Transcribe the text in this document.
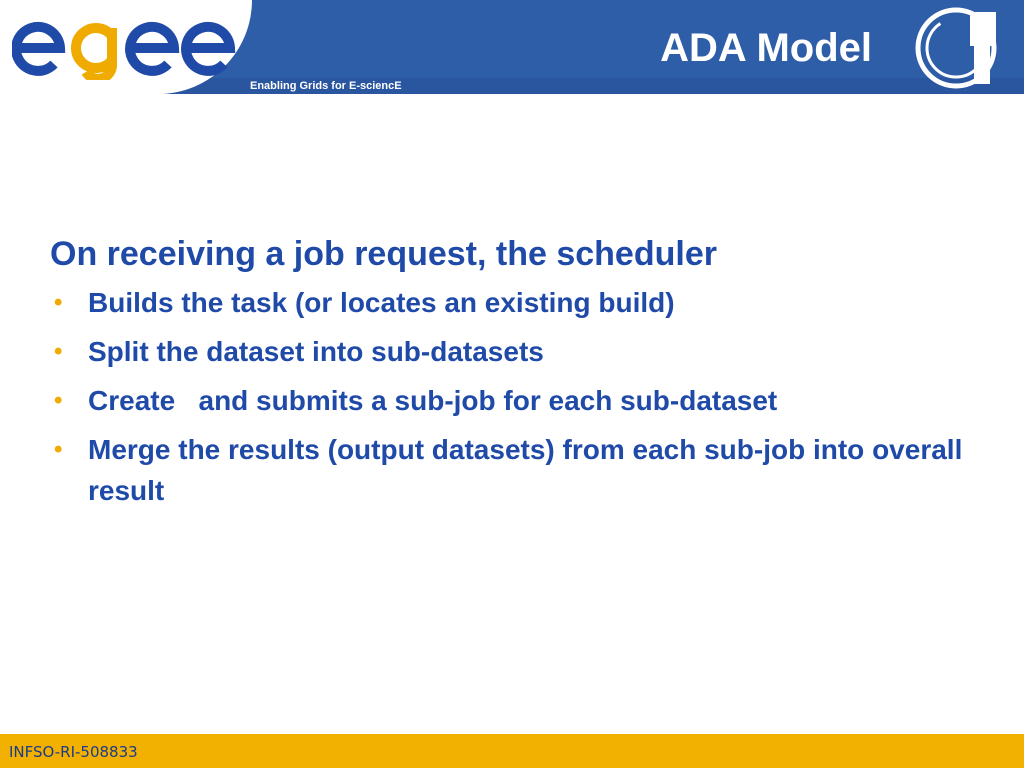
Enabling Grids for E-sciencE
ADA Model

On receiving a job request, the scheduler

• Builds the task (or locates an existing build)
• Split the dataset into sub-datasets
• Create   and submits a sub-job for each sub-dataset
• Merge the results (output datasets) from each sub-job into overall result
INFSO-RI-508833
